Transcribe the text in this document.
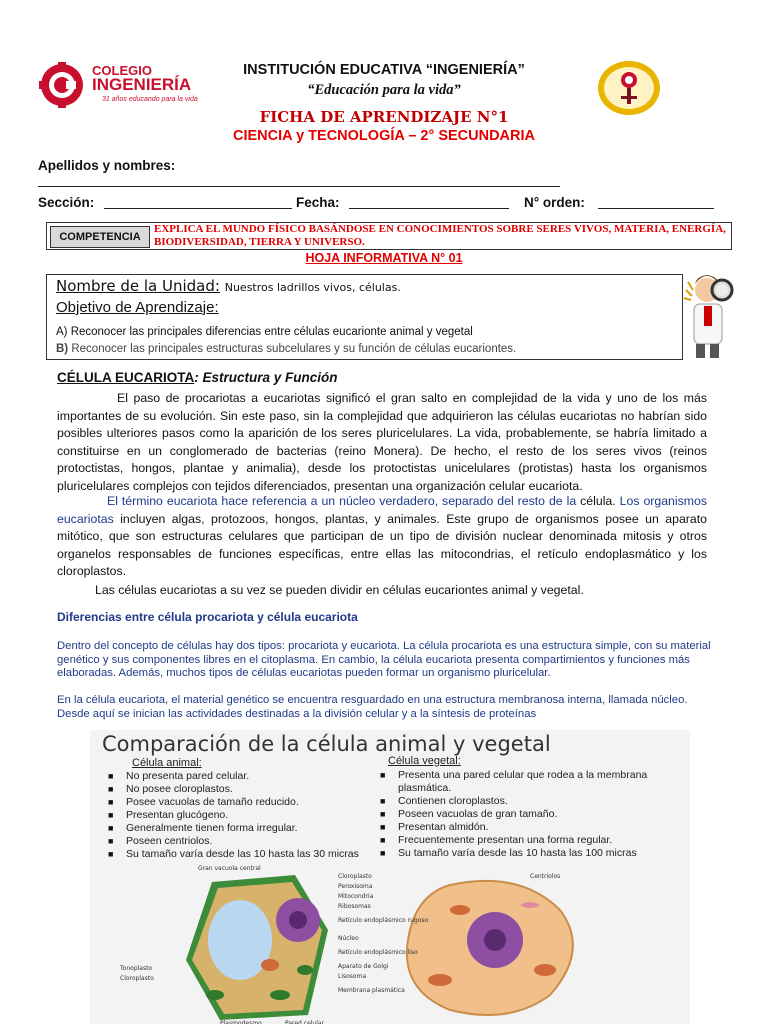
COLEGIO
INGENIERÍA
31 años educando para la vida
INSTITUCIÓN EDUCATIVA “INGENIERÍA”
“Educación para la vida”
FICHA DE APRENDIZAJE N°1
CIENCIA y TECNOLOGÍA – 2° SECUNDARIA
Apellidos y nombres:
Sección:	Fecha:	N° orden:
COMPETENCIA
EXPLICA EL MUNDO FÍSICO BASÁNDOSE EN CONOCIMIENTOS SOBRE SERES VIVOS, MATERIA, ENERGÍA, BIODIVERSIDAD, TIERRA Y UNIVERSO.
HOJA INFORMATIVA N° 01
Nombre de la Unidad: Nuestros ladrillos vivos, células.
Objetivo de Aprendizaje:
A) Reconocer las principales diferencias entre células eucarionte animal y vegetal
B) Reconocer las principales estructuras subcelulares y su función de células eucariontes.
CÉLULA EUCARIOTA: Estructura y Función
El paso de procariotas a eucariotas significó el gran salto en complejidad de la vida y uno de los más importantes de su evolución. Sin este paso, sin la complejidad que adquirieron las células eucariotas no habrían sido posibles ulteriores pasos como la aparición de los seres pluricelulares. La vida, probablemente, se habría limitado a constituirse en un conglomerado de bacterias (reino Monera). De hecho, el resto de los seres vivos (reinos protoctistas, hongos, plantae y animalia), desde los protoctistas unicelulares (protistas) hasta los organismos pluricelulares complejos con tejidos diferenciados, presentan una organización celular eucariota.
El término eucariota hace referencia a un núcleo verdadero, separado del resto de la célula. Los organismos eucariotas incluyen algas, protozoos, hongos, plantas, y animales. Este grupo de organismos posee un aparato mitótico, que son estructuras celulares que participan de un tipo de división nuclear denominada mitosis y otros organelos responsables de funciones específicas, entre ellas las mitocondrias, el retículo endoplasmático y los cloroplastos.
Las células eucariotas a su vez se pueden dividir en células eucariontes animal y vegetal.
Diferencias entre célula procariota y célula eucariota
Dentro del concepto de células hay dos tipos: procariota y eucariota. La célula procariota es una estructura simple, con su material genético y sus componentes libres en el citoplasma. En cambio, la célula eucariota presenta compartimientos y funciones más elaboradas. Además, muchos tipos de células eucariotas pueden formar un organismo pluricelular.
En la célula eucariota, el material genético se encuentra resguardado en una estructura membranosa interna, llamada núcleo. Desde aquí se inician las actividades destinadas a la división celular y a la síntesis de proteínas
Comparación de la célula animal y vegetal
Célula animal:
■ No presenta pared celular.
■ No posee cloroplastos.
■ Posee vacuolas de tamaño reducido.
■ Presentan glucógeno.
■ Generalmente tienen forma irregular.
■ Poseen centriolos.
■ Su tamaño varía desde las 10 hasta las 30 micras
Célula vegetal:
■ Presenta una pared celular que rodea a la membrana plasmática.
■ Contienen cloroplastos.
■ Poseen vacuolas de gran tamaño.
■ Presentan almidón.
■ Frecuentemente presentan una forma regular.
■ Su tamaño varía desde las 10 hasta las 100 micras
Gran vacuola central
Tonoplasto
Cloroplasto
Plasmodesmo	Pared celular
Cloroplasto
Peroxisoma
Mitocondria
Ribosomas
Retículo endoplásmico rugoso
Núcleo
Retículo endoplásmico liso
Aparato de Golgi
Lisosoma
Membrana plasmática
Centriolos
